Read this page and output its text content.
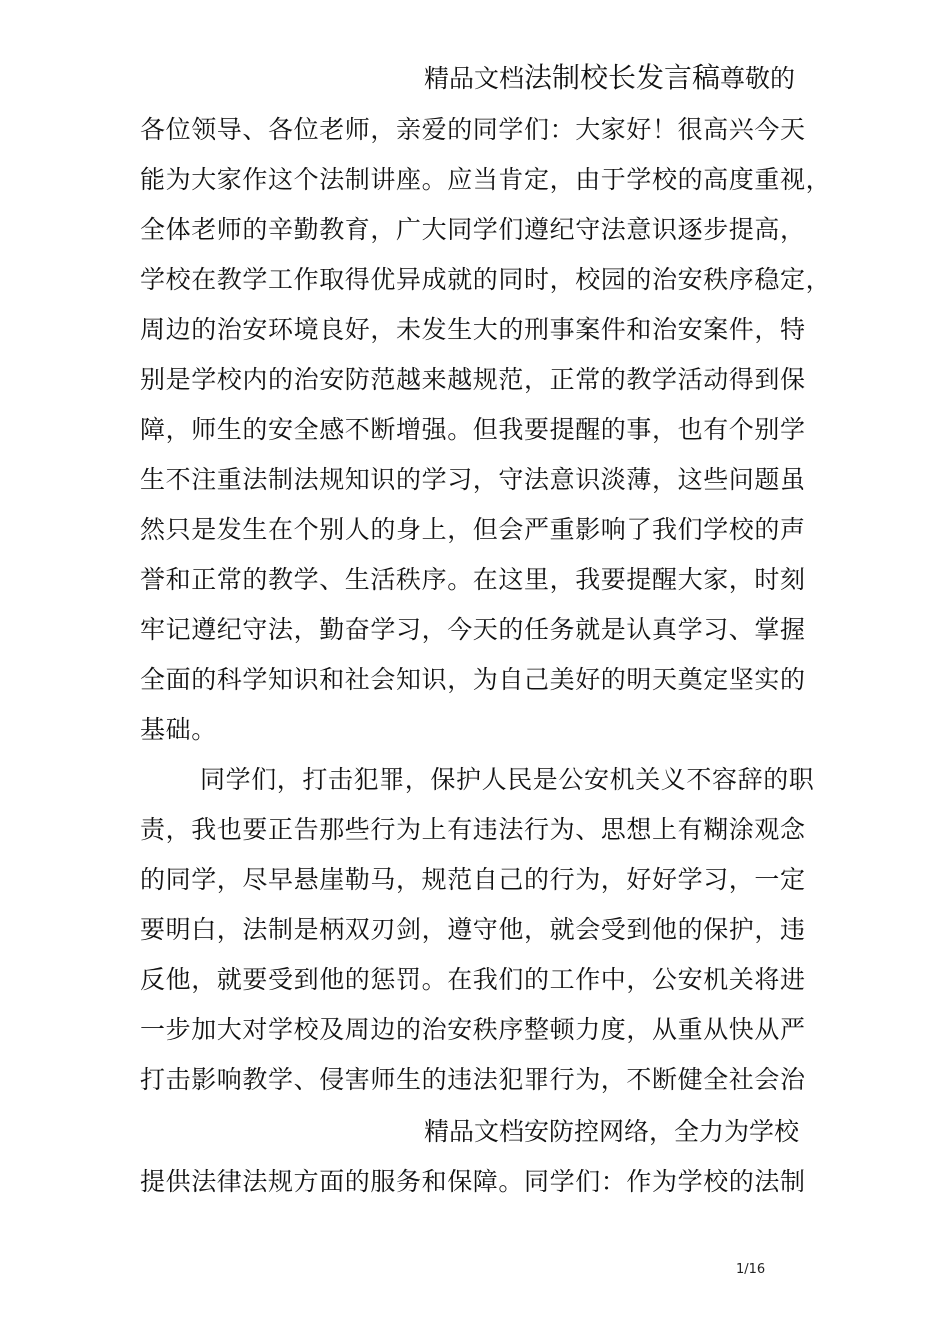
精品文档法制校长发言稿尊敬的
各位领导、各位老师，亲爱的同学们：大家好！很高兴今天
能为大家作这个法制讲座。应当肯定，由于学校的高度重视，
全体老师的辛勤教育，广大同学们遵纪守法意识逐步提高，
学校在教学工作取得优异成就的同时，校园的治安秩序稳定，
周边的治安环境良好，未发生大的刑事案件和治安案件，特
别是学校内的治安防范越来越规范，正常的教学活动得到保
障，师生的安全感不断增强。但我要提醒的事，也有个别学
生不注重法制法规知识的学习，守法意识淡薄，这些问题虽
然只是发生在个别人的身上，但会严重影响了我们学校的声
誉和正常的教学、生活秩序。在这里，我要提醒大家，时刻
牢记遵纪守法，勤奋学习，今天的任务就是认真学习、掌握
全面的科学知识和社会知识，为自己美好的明天奠定坚实的
基础。
同学们，打击犯罪，保护人民是公安机关义不容辞的职
责，我也要正告那些行为上有违法行为、思想上有糊涂观念
的同学，尽早悬崖勒马，规范自己的行为，好好学习，一定
要明白，法制是柄双刃剑，遵守他，就会受到他的保护，违
反他，就要受到他的惩罚。在我们的工作中，公安机关将进
一步加大对学校及周边的治安秩序整顿力度，从重从快从严
打击影响教学、侵害师生的违法犯罪行为，不断健全社会治
精品文档安防控网络，全力为学校
提供法律法规方面的服务和保障。同学们：作为学校的法制
1/16
